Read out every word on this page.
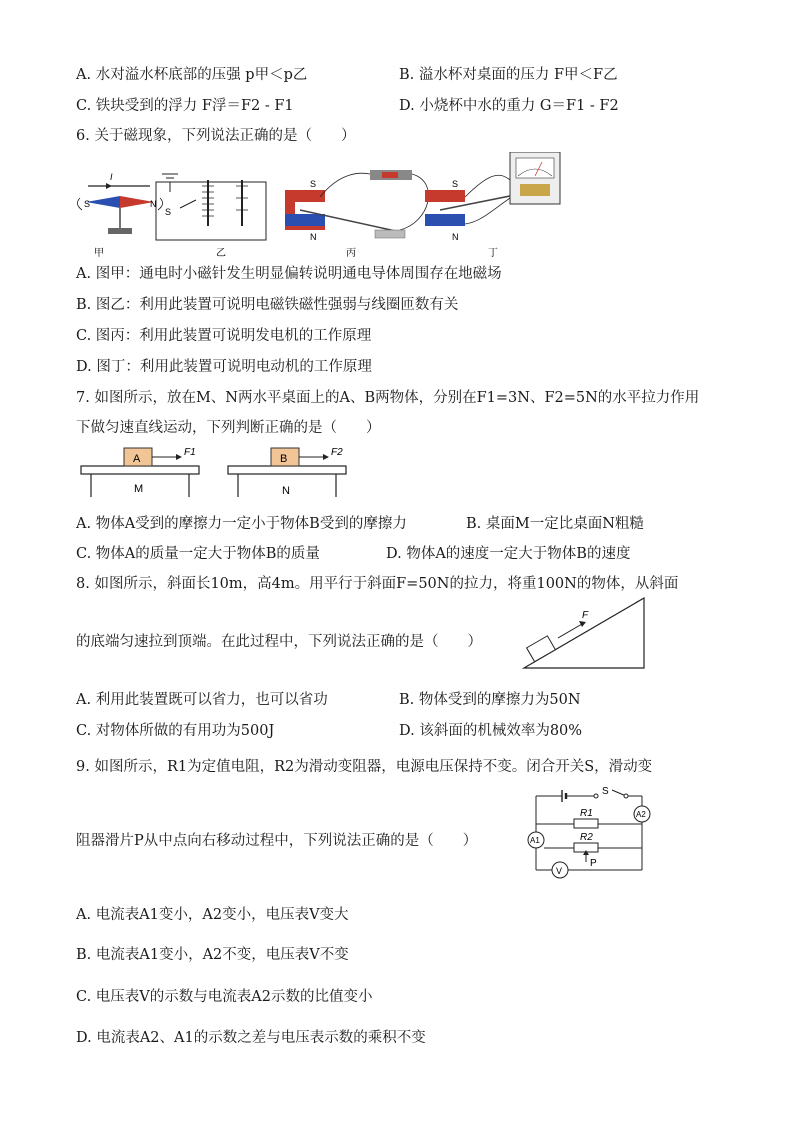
A. 水对溢水杯底部的压强 p甲＜p乙	B. 溢水杯对桌面的压力 F甲＜F乙
C. 铁块受到的浮力 F浮＝F2 - F1	D. 小烧杯中水的重力 G＝F1 - F2
6. 关于磁现象，下列说法正确的是（　　）
I
S	N
S
S
N
S
N
甲	乙	丙	丁
A. 图甲：通电时小磁针发生明显偏转说明通电导体周围存在地磁场
B. 图乙：利用此装置可说明电磁铁磁性强弱与线圈匝数有关
C. 图丙：利用此装置可说明发电机的工作原理
D. 图丁：利用此装置可说明电动机的工作原理
7. 如图所示，放在M、N两水平桌面上的A、B两物体，分别在F1=3N、F2=5N的水平拉力作用
下做匀速直线运动，下列判断正确的是（　　）
A	B
F1	F2
M	N
A. 物体A受到的摩擦力一定小于物体B受到的摩擦力	B. 桌面M一定比桌面N粗糙
C. 物体A的质量一定大于物体B的质量	D. 物体A的速度一定大于物体B的速度
8. 如图所示，斜面长10m，高4m。用平行于斜面F=50N的拉力，将重100N的物体，从斜面
的底端匀速拉到顶端。在此过程中，下列说法正确的是（　　）
F
A. 利用此装置既可以省力，也可以省功	B. 物体受到的摩擦力为50N
C. 对物体所做的有用功为500J	D. 该斜面的机械效率为80%
9. 如图所示，R1为定值电阻，R2为滑动变阻器，电源电压保持不变。闭合开关S，滑动变
阻器滑片P从中点向右移动过程中，下列说法正确的是（　　）
S
R1
R2
P
A2
A1
V
A. 电流表A1变小，A2变小，电压表V变大
B. 电流表A1变小，A2不变，电压表V不变
C. 电压表V的示数与电流表A2示数的比值变小
D. 电流表A2、A1的示数之差与电压表示数的乘积不变
